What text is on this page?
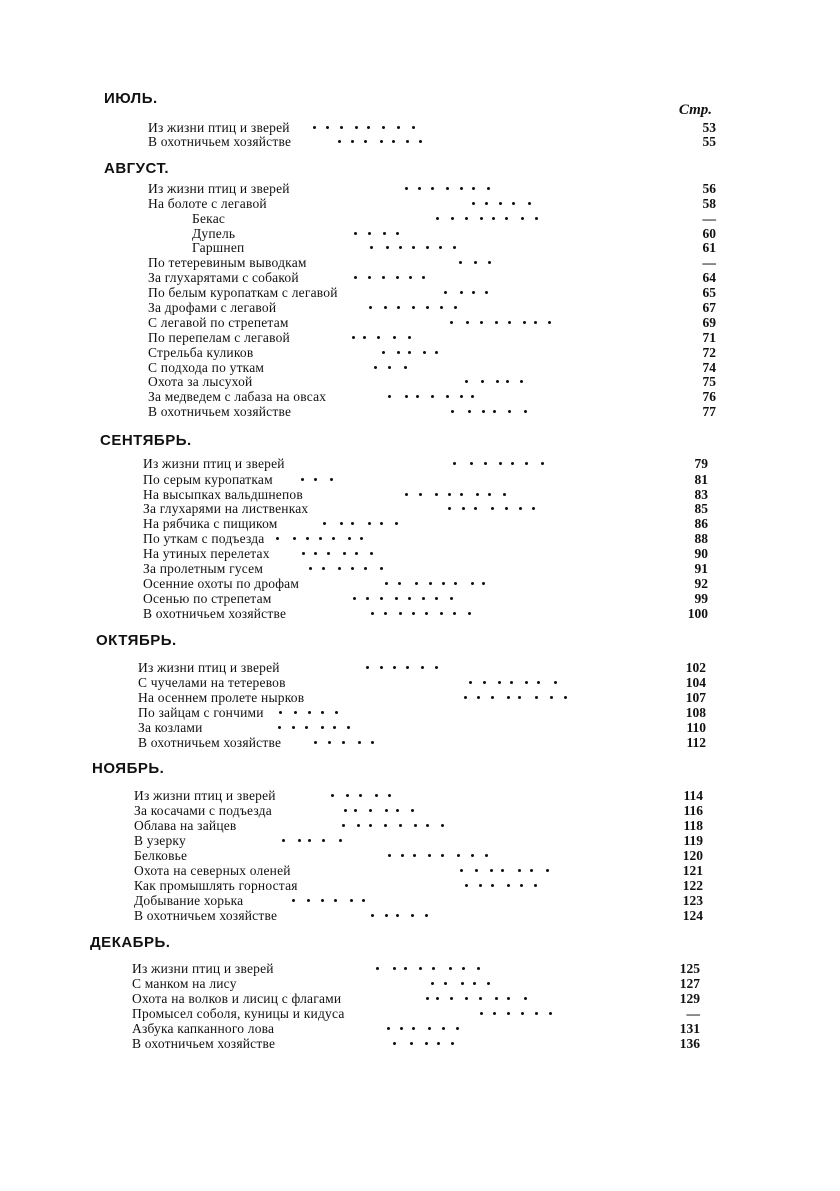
Стр.
ИЮЛЬ.
Из жизни птиц и зверей	53
В охотничьем хозяйстве	55
АВГУСТ.
Из жизни птиц и зверей	56
На болоте с легавой	58
Бекас	—
Дупель	60
Гаршнеп	61
По тетеревиным выводкам	—
За глухарятами с собакой	64
По белым куропаткам с легавой	65
За дрофами с легавой	67
С легавой по стрепетам	69
По перепелам с легавой	71
Стрельба куликов	72
С подхода по уткам	74
Охота за лысухой	75
За медведем с лабаза на овсах	76
В охотничьем хозяйстве	77
СЕНТЯБРЬ.
Из жизни птиц и зверей	79
По серым куропаткам	81
На высыпках вальдшнепов	83
За глухарями на лиственках	85
На рябчика с пищиком	86
По уткам с подъезда	88
На утиных перелетах	90
За пролетным гусем	91
Осенние охоты по дрофам	92
Осенью по стрепетам	99
В охотничьем хозяйстве	100
ОКТЯБРЬ.
Из жизни птиц и зверей	102
С чучелами на тетеревов	104
На осеннем пролете нырков	107
По зайцам с гончими	108
За козлами	110
В охотничьем хозяйстве	112
НОЯБРЬ.
Из жизни птиц и зверей	114
За косачами с подъезда	116
Облава на зайцев	118
В узерку	119
Белковье	120
Охота на северных оленей	121
Как промышлять горностая	122
Добывание хорька	123
В охотничьем хозяйстве	124
ДЕКАБРЬ.
Из жизни птиц и зверей	125
С манком на лису	127
Охота на волков и лисиц с флагами	129
Промысел соболя, куницы и кидуса	—
Азбука капканного лова	131
В охотничьем хозяйстве	136
